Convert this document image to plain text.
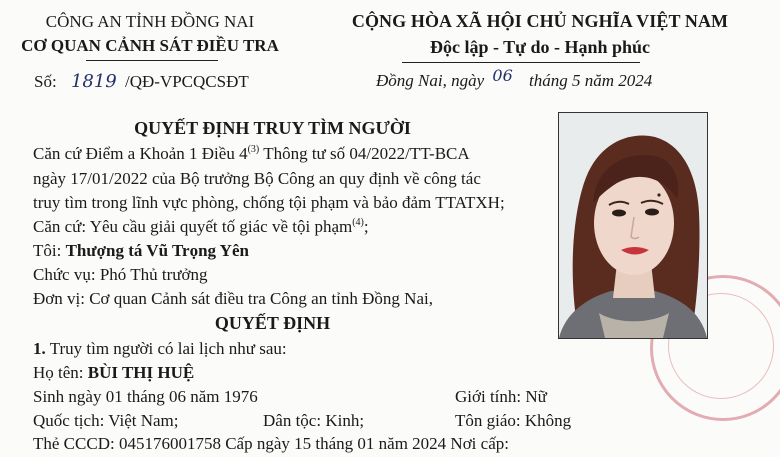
CÔNG AN TỈNH ĐỒNG NAI
CƠ QUAN CẢNH SÁT ĐIỀU TRA
CỘNG HÒA XÃ HỘI CHỦ NGHĨA VIỆT NAM
Độc lập - Tự do - Hạnh phúc
Số: 1819 /QĐ-VPCQCSĐT	Đồng Nai, ngày 06 tháng 5 năm 2024
QUYẾT ĐỊNH TRUY TÌM NGƯỜI
Căn cứ Điểm a Khoản 1 Điều 4$^{(3)}$ Thông tư số 04/2022/TT-BCA
ngày 17/01/2022 của Bộ trưởng Bộ Công an quy định về công tác
truy tìm trong lĩnh vực phòng, chống tội phạm và bảo đảm TTATXH;
Căn cứ: Yêu cầu giải quyết tố giác về tội phạm$^{(4)}$;
Tôi: Thượng tá Vũ Trọng Yên
Chức vụ: Phó Thủ trưởng
Đơn vị: Cơ quan Cảnh sát điều tra Công an tỉnh Đồng Nai,
QUYẾT ĐỊNH
1. Truy tìm người có lai lịch như sau:
Họ tên: BÙI THỊ HUỆ
Sinh ngày 01 tháng 06 năm 1976	Giới tính: Nữ
Quốc tịch: Việt Nam;	Dân tộc: Kinh;	Tôn giáo: Không
Thẻ CCCD: 045176001758 Cấp ngày 15 tháng 01 năm 2024 Nơi cấp:
